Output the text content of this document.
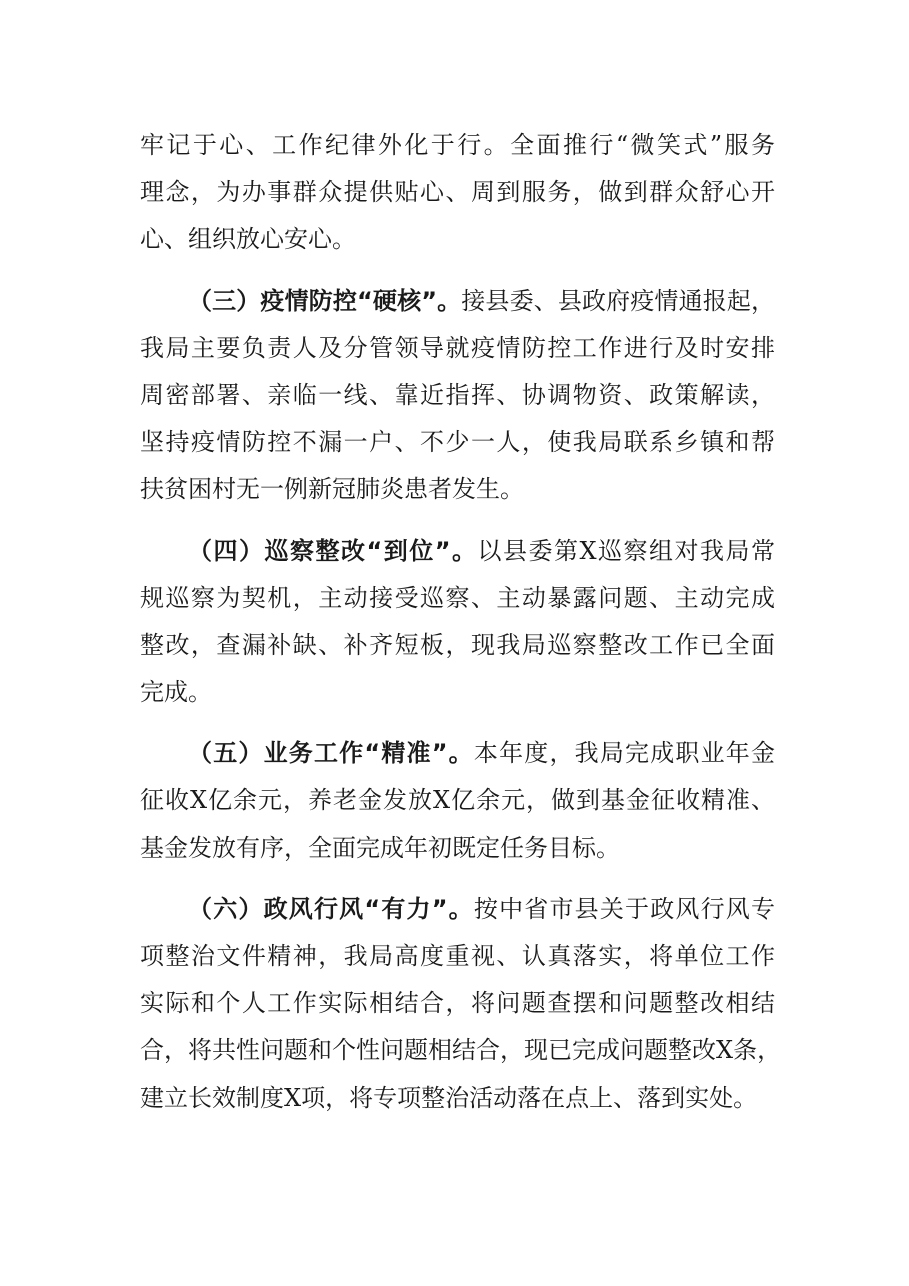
牢记于心、工作纪律外化于行。全面推行“微笑式”服务
理念，为办事群众提供贴心、周到服务，做到群众舒心开
心、组织放心安心。
（三）疫情防控“硬核”。接县委、县政府疫情通报起，
我局主要负责人及分管领导就疫情防控工作进行及时安排
周密部署、亲临一线、靠近指挥、协调物资、政策解读，
坚持疫情防控不漏一户、不少一人，使我局联系乡镇和帮
扶贫困村无一例新冠肺炎患者发生。
（四）巡察整改“到位”。以县委第X巡察组对我局常
规巡察为契机，主动接受巡察、主动暴露问题、主动完成
整改，查漏补缺、补齐短板，现我局巡察整改工作已全面
完成。
（五）业务工作“精准”。本年度，我局完成职业年金
征收X亿余元，养老金发放X亿余元，做到基金征收精准、
基金发放有序，全面完成年初既定任务目标。
（六）政风行风“有力”。按中省市县关于政风行风专
项整治文件精神，我局高度重视、认真落实，将单位工作
实际和个人工作实际相结合，将问题查摆和问题整改相结
合，将共性问题和个性问题相结合，现已完成问题整改X条，
建立长效制度X项，将专项整治活动落在点上、落到实处。
